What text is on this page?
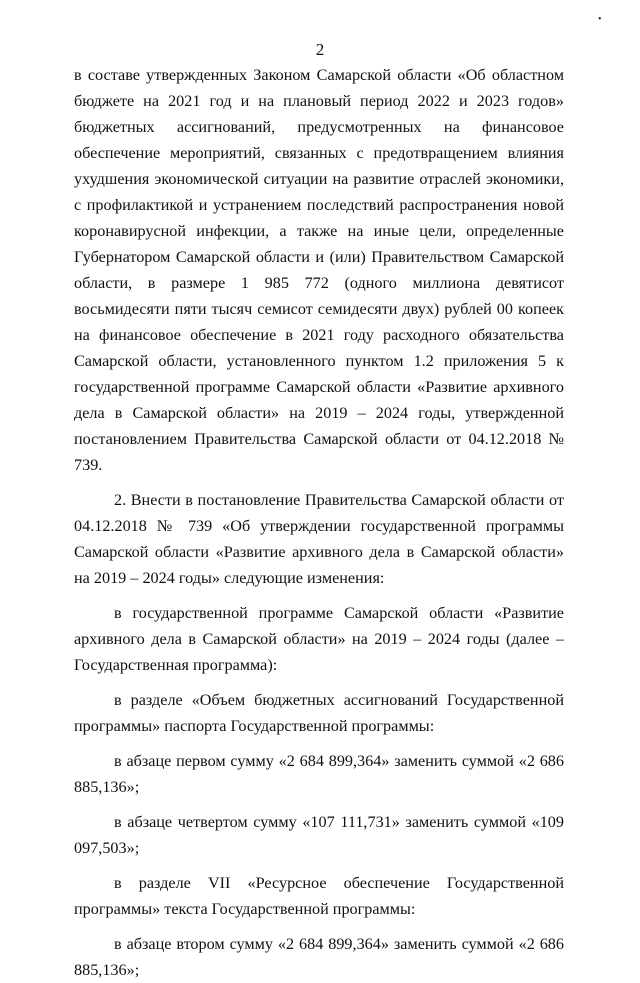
•
2

в составе утвержденных Законом Самарской области «Об областном бюджете на 2021 год и на плановый период 2022 и 2023 годов» бюджетных ассигнований, предусмотренных на финансовое обеспечение мероприятий, связанных с предотвращением влияния ухудшения экономической ситуации на развитие отраслей экономики, с профилактикой и устранением последствий распространения новой коронавирусной инфекции, а также на иные цели, определенные Губернатором Самарской области и (или) Правительством Самарской области, в размере 1 985 772 (одного миллиона девятисот восьмидесяти пяти тысяч семисот семидесяти двух) рублей 00 копеек на финансовое обеспечение в 2021 году расходного обязательства Самарской области, установленного пунктом 1.2 приложения 5 к государственной программе Самарской области «Развитие архивного дела в Самарской области» на 2019 – 2024 годы, утвержденной постановлением Правительства Самарской области от 04.12.2018 № 739.

2. Внести в постановление Правительства Самарской области от 04.12.2018 № 739 «Об утверждении государственной программы Самарской области «Развитие архивного дела в Самарской области» на 2019 – 2024 годы» следующие изменения:

в государственной программе Самарской области «Развитие архивного дела в Самарской области» на 2019 – 2024 годы (далее – Государственная программа):

в разделе «Объем бюджетных ассигнований Государственной программы» паспорта Государственной программы:

в абзаце первом сумму «2 684 899,364» заменить суммой «2 686 885,136»;

в абзаце четвертом сумму «107 111,731» заменить суммой «109 097,503»;

в разделе VII «Ресурсное обеспечение Государственной программы» текста Государственной программы:

в абзаце втором сумму «2 684 899,364» заменить суммой «2 686 885,136»;
